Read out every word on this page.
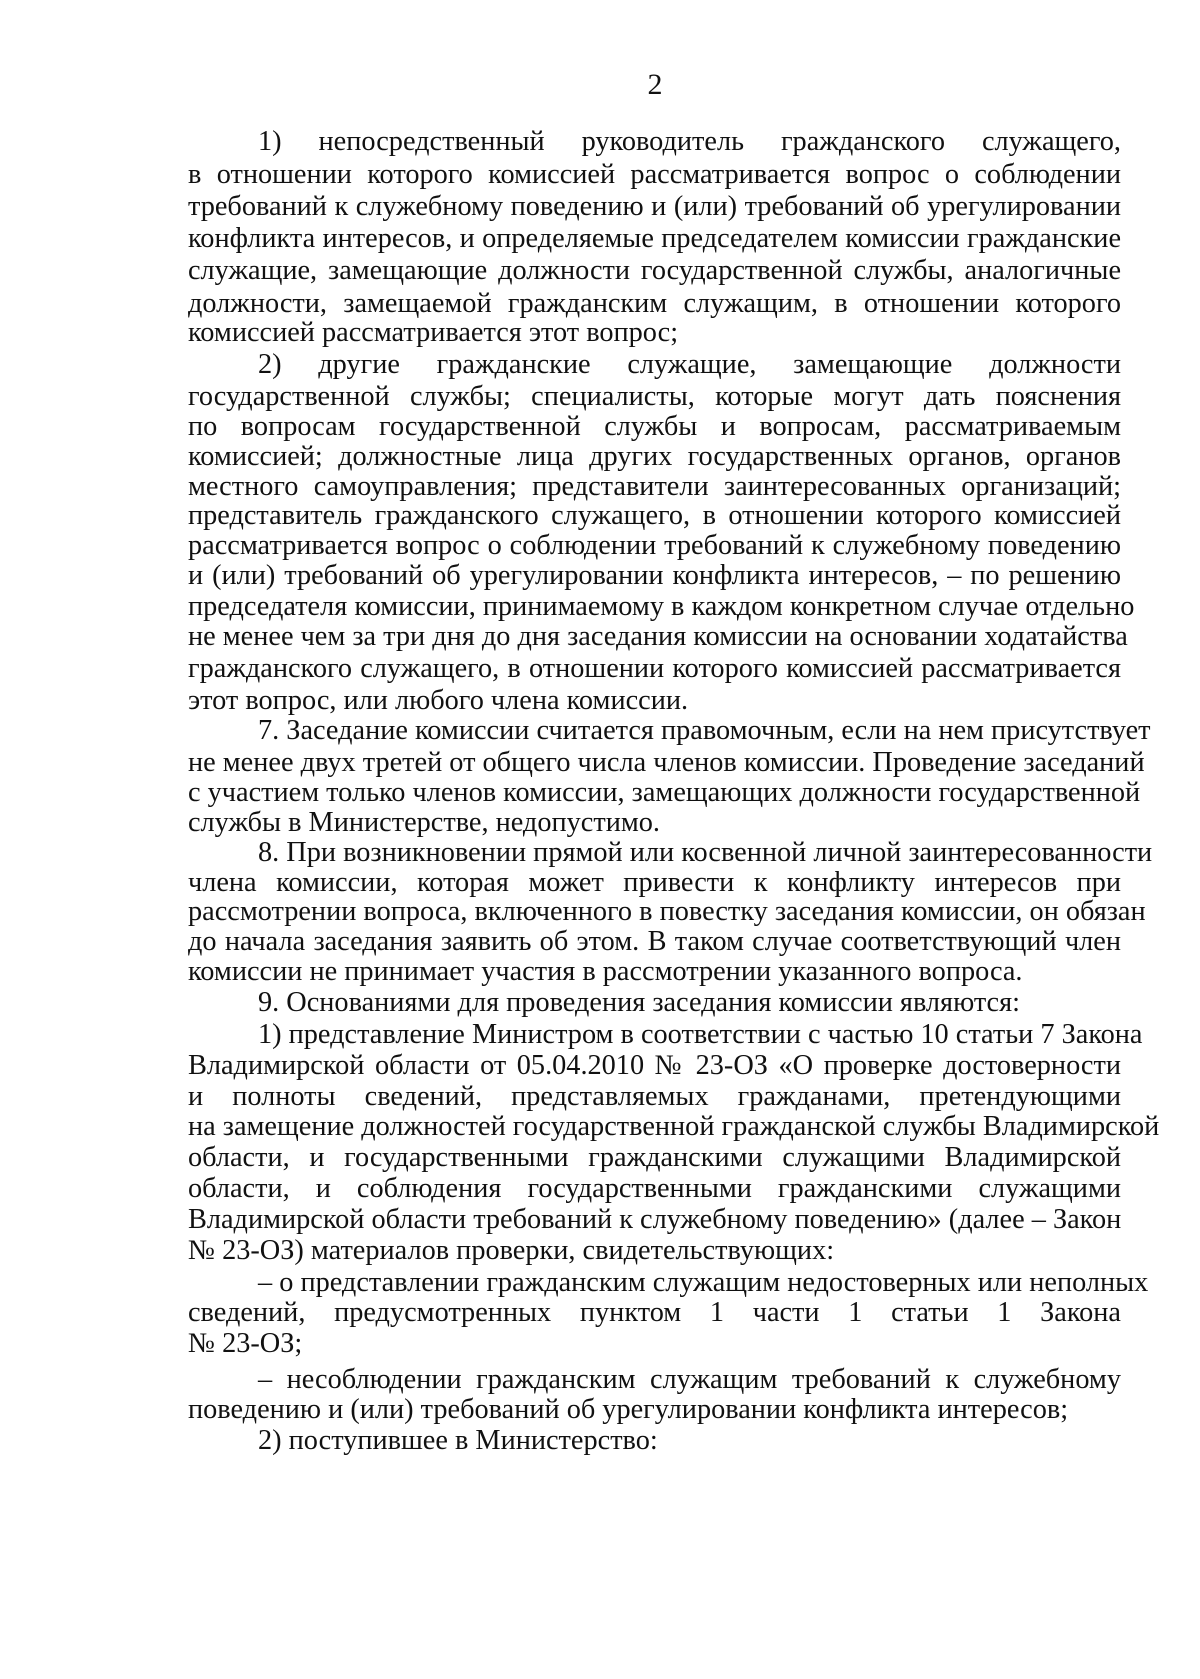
2
1) непосредственный руководитель гражданского служащего,
в отношении которого комиссией рассматривается вопрос о соблюдении
требований к служебному поведению и (или) требований об урегулировании
конфликта интересов, и определяемые председателем комиссии гражданские
служащие, замещающие должности государственной службы, аналогичные
должности, замещаемой гражданским служащим, в отношении которого
комиссией рассматривается этот вопрос;
2) другие гражданские служащие, замещающие должности
государственной службы; специалисты, которые могут дать пояснения
по вопросам государственной службы и вопросам, рассматриваемым
комиссией; должностные лица других государственных органов, органов
местного самоуправления; представители заинтересованных организаций;
представитель гражданского служащего, в отношении которого комиссией
рассматривается вопрос о соблюдении требований к служебному поведению
и (или) требований об урегулировании конфликта интересов, – по решению
председателя комиссии, принимаемому в каждом конкретном случае отдельно
не менее чем за три дня до дня заседания комиссии на основании ходатайства
гражданского служащего, в отношении которого комиссией рассматривается
этот вопрос, или любого члена комиссии.
7. Заседание комиссии считается правомочным, если на нем присутствует
не менее двух третей от общего числа членов комиссии. Проведение заседаний
с участием только членов комиссии, замещающих должности государственной
службы в Министерстве, недопустимо.
8. При возникновении прямой или косвенной личной заинтересованности
члена комиссии, которая может привести к конфликту интересов при
рассмотрении вопроса, включенного в повестку заседания комиссии, он обязан
до начала заседания заявить об этом. В таком случае соответствующий член
комиссии не принимает участия в рассмотрении указанного вопроса.
9. Основаниями для проведения заседания комиссии являются:
1) представление Министром в соответствии с частью 10 статьи 7 Закона
Владимирской области от 05.04.2010 № 23-ОЗ «О проверке достоверности
и полноты сведений, представляемых гражданами, претендующими
на замещение должностей государственной гражданской службы Владимирской
области, и государственными гражданскими служащими Владимирской
области, и соблюдения государственными гражданскими служащими
Владимирской области требований к служебному поведению» (далее – Закон
№ 23-ОЗ) материалов проверки, свидетельствующих:
– о представлении гражданским служащим недостоверных или неполных
сведений, предусмотренных пунктом 1 части 1 статьи 1 Закона
№ 23-ОЗ;
– несоблюдении гражданским служащим требований к служебному
поведению и (или) требований об урегулировании конфликта интересов;
2) поступившее в Министерство:
